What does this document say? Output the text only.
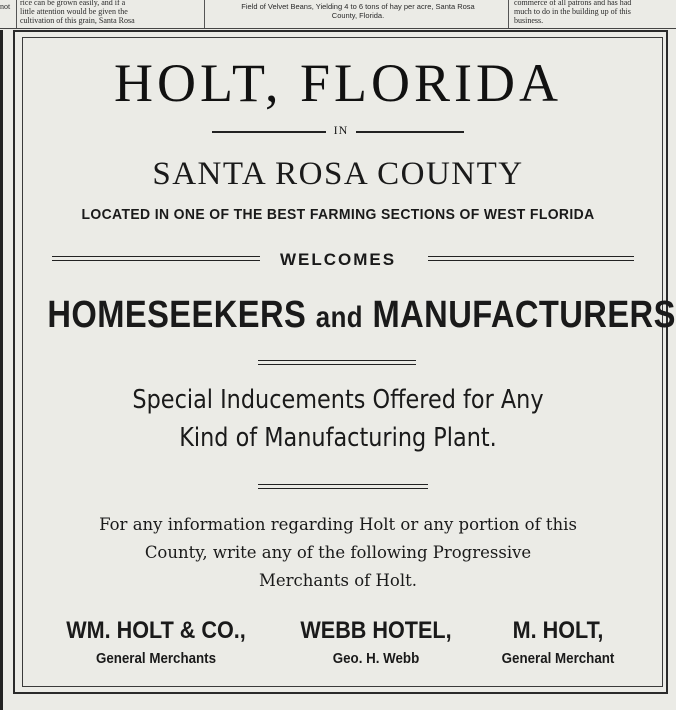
not	rice can be grown easily, and if a
little attention would be given the
cultivation of this grain, Santa Rosa
Field of Velvet Beans, Yielding 4 to 6 tons of hay per acre, Santa Rosa
County, Florida.
commerce of all patrons and has had
much to do in the building up of this
business.
HOLT, FLORIDA
IN
SANTA ROSA COUNTY
LOCATED IN ONE OF THE BEST FARMING SECTIONS OF WEST FLORIDA
WELCOMES
HOMESEEKERS and MANUFACTURERS
Special Inducements Offered for Any
Kind of Manufacturing Plant.
For any information regarding Holt or any portion of this
County, write any of the following Progressive
Merchants of Holt.
WM. HOLT & CO.,
General Merchants
WEBB HOTEL,
Geo. H. Webb
M. HOLT,
General Merchant
